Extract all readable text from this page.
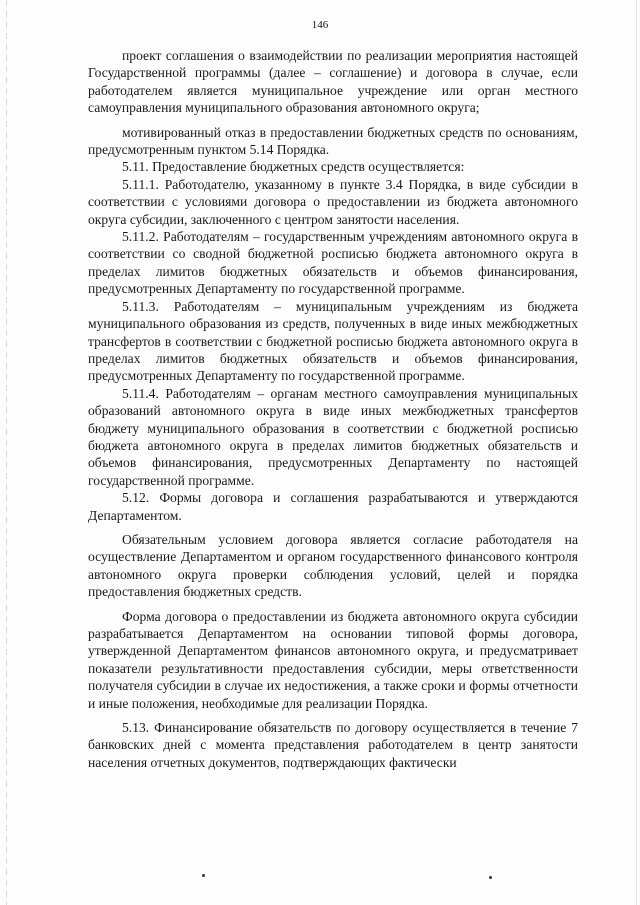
146

проект соглашения о взаимодействии по реализации мероприятия настоящей Государственной программы (далее – соглашение) и договора в случае, если работодателем является муниципальное учреждение или орган местного самоуправления муниципального образования автономного округа;

мотивированный отказ в предоставлении бюджетных средств по основаниям, предусмотренным пунктом 5.14 Порядка.

5.11. Предоставление бюджетных средств осуществляется:

5.11.1. Работодателю, указанному в пункте 3.4 Порядка, в виде субсидии в соответствии с условиями договора о предоставлении из бюджета автономного округа субсидии, заключенного с центром занятости населения.

5.11.2. Работодателям – государственным учреждениям автономного округа в соответствии со сводной бюджетной росписью бюджета автономного округа в пределах лимитов бюджетных обязательств и объемов финансирования, предусмотренных Департаменту по государственной программе.

5.11.3. Работодателям – муниципальным учреждениям из бюджета муниципального образования из средств, полученных в виде иных межбюджетных трансфертов в соответствии с бюджетной росписью бюджета автономного округа в пределах лимитов бюджетных обязательств и объемов финансирования, предусмотренных Департаменту по государственной программе.

5.11.4. Работодателям – органам местного самоуправления муниципальных образований автономного округа в виде иных межбюджетных трансфертов бюджету муниципального образования в соответствии с бюджетной росписью бюджета автономного округа в пределах лимитов бюджетных обязательств и объемов финансирования, предусмотренных Департаменту по настоящей государственной программе.

5.12. Формы договора и соглашения разрабатываются и утверждаются Департаментом.

Обязательным условием договора является согласие работодателя на осуществление Департаментом и органом государственного финансового контроля автономного округа проверки соблюдения условий, целей и порядка предоставления бюджетных средств.

Форма договора о предоставлении из бюджета автономного округа субсидии разрабатывается Департаментом на основании типовой формы договора, утвержденной Департаментом финансов автономного округа, и предусматривает показатели результативности предоставления субсидии, меры ответственности получателя субсидии в случае их недостижения, а также сроки и формы отчетности и иные положения, необходимые для реализации Порядка.

5.13. Финансирование обязательств по договору осуществляется в течение 7 банковских дней с момента представления работодателем в центр занятости населения отчетных документов, подтверждающих фактически
